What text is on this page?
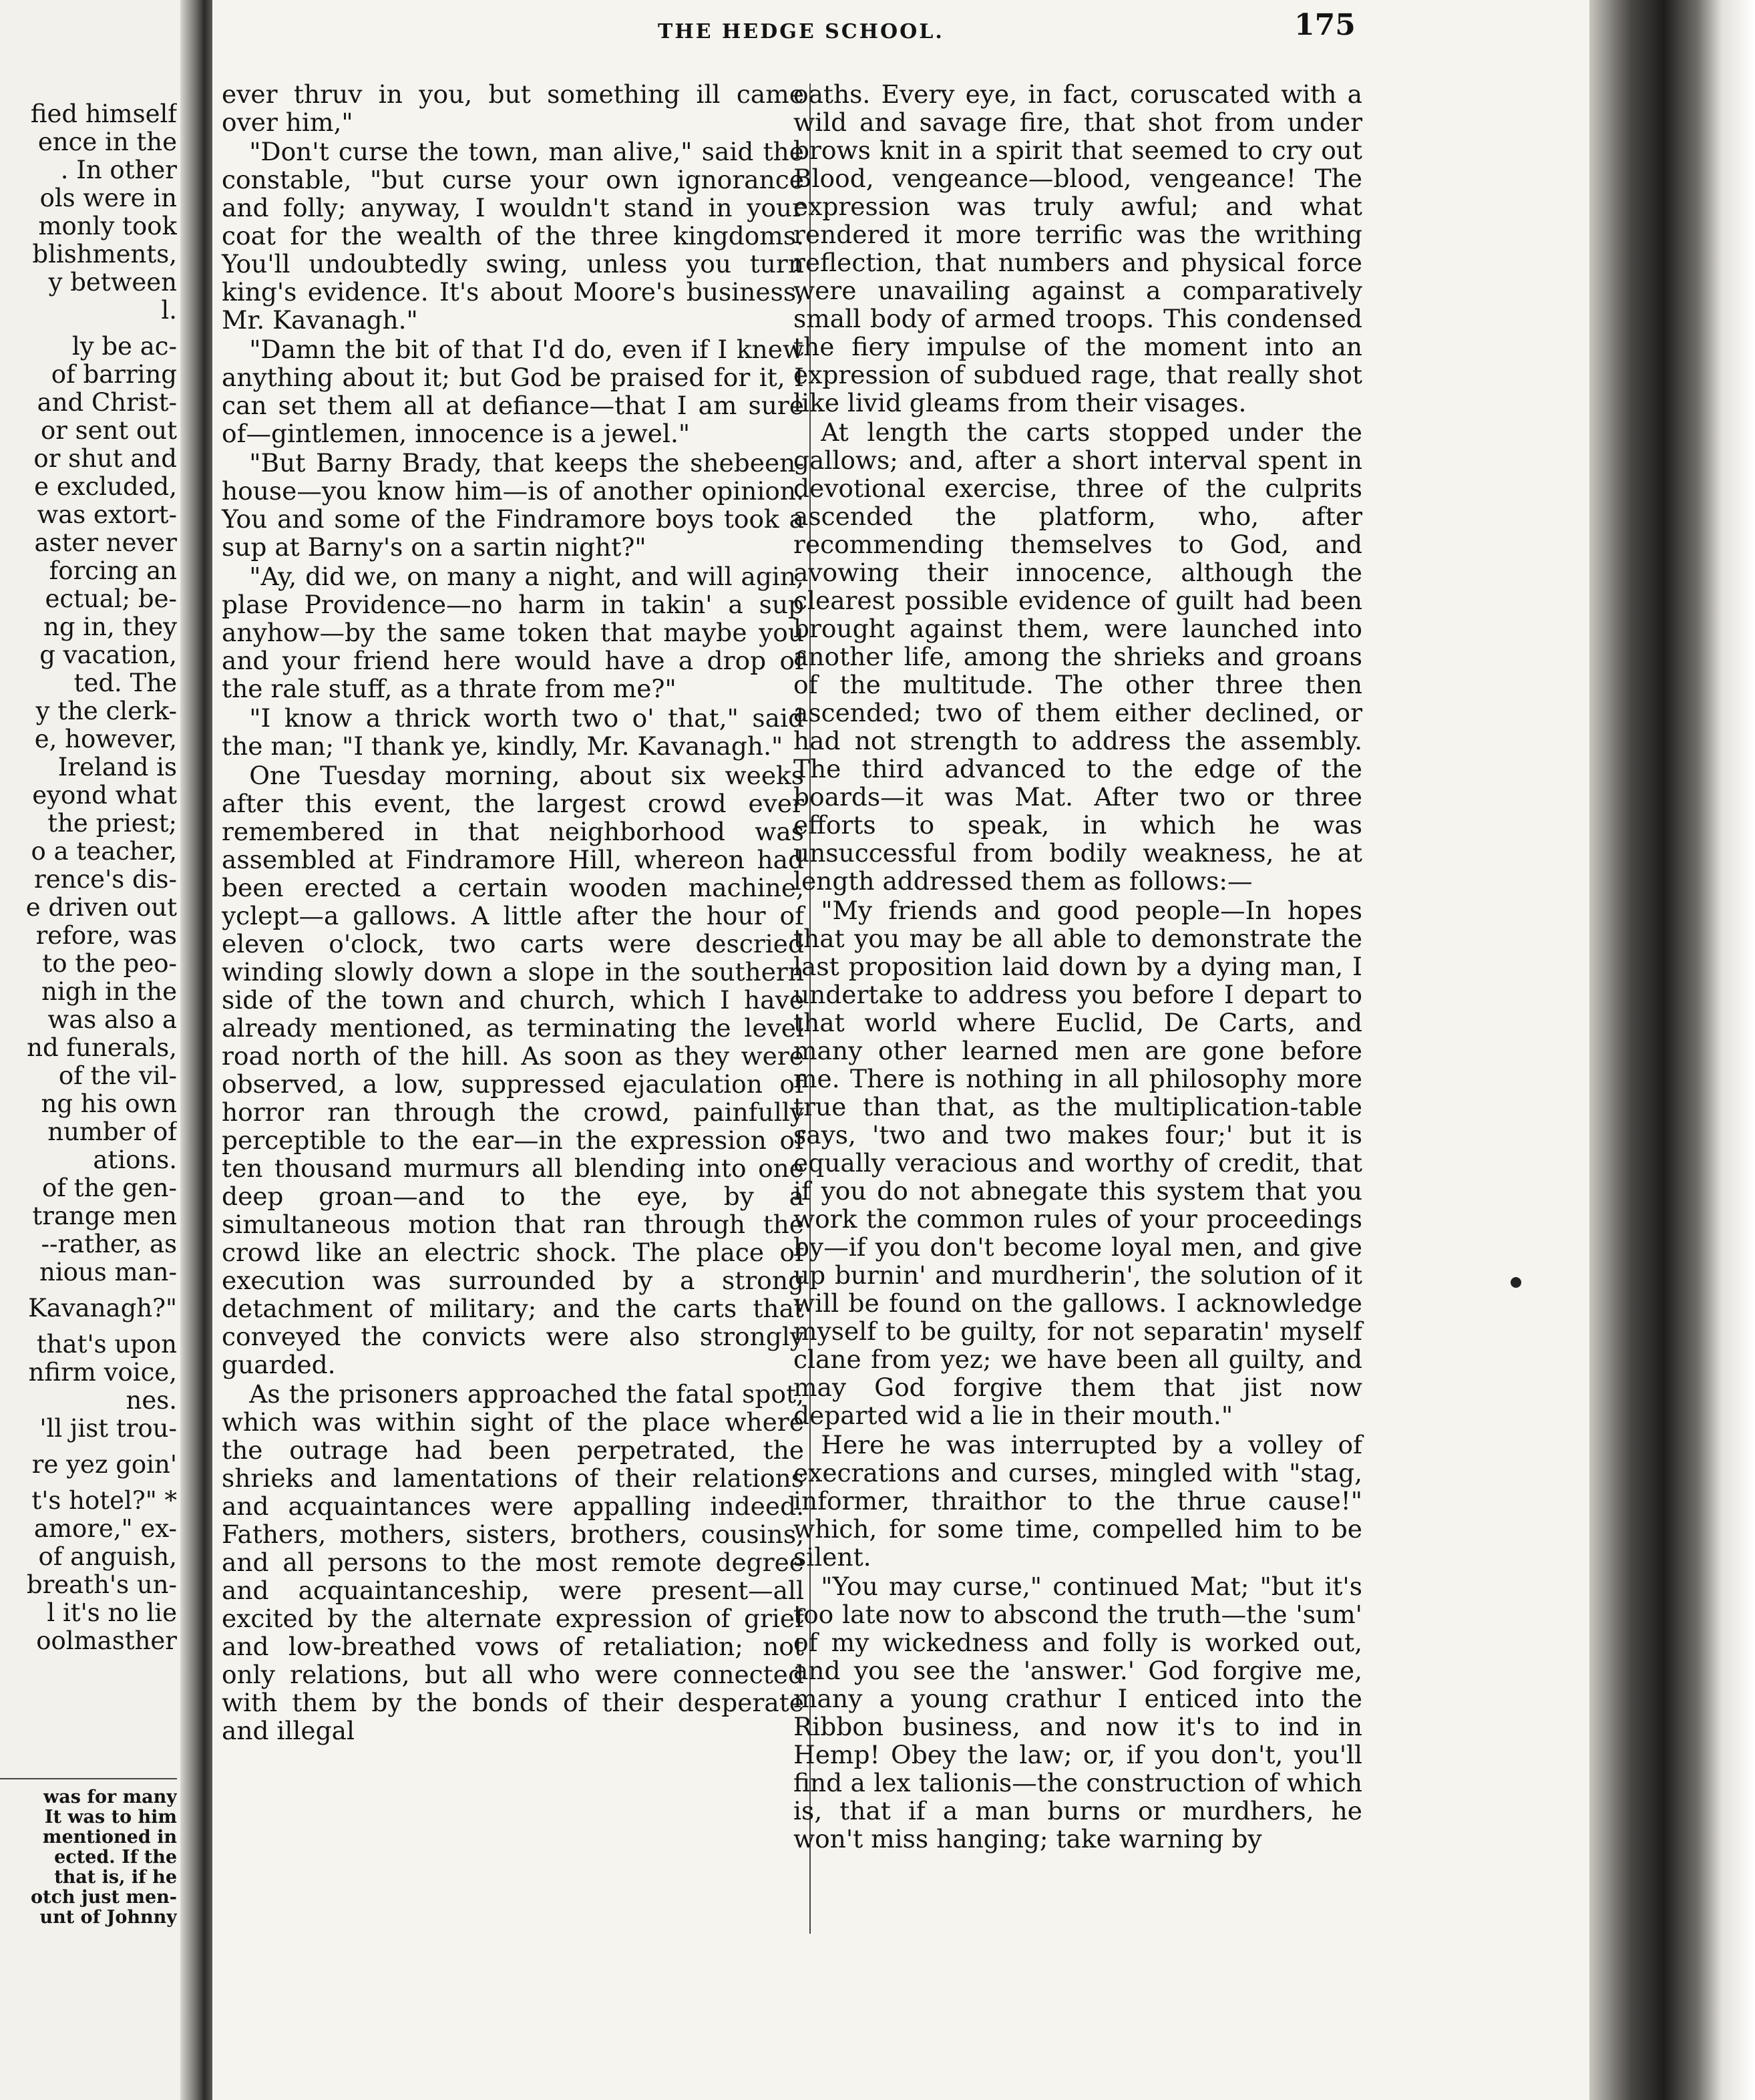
fied himself
ence in the
. In other
ols were in
monly took
blishments,
y between
l.
ly be ac-
of barring
and Christ-
or sent out
or shut and
e excluded,
was extort-
aster never
forcing an
ectual; be-
ng in, they
g vacation,
ted. The
y the clerk-
e, however,
Ireland is
eyond what
the priest;
o a teacher,
rence's dis-
e driven out
refore, was
to the peo-
nigh in the
was also a
nd funerals,
of the vil-
ng his own
number of
ations.
of the gen-
trange men
--rather, as
nious man-
Kavanagh?"
that's upon
nfirm voice,
nes.
'll jist trou-
re yez goin'
t's hotel?" *
amore," ex-
of anguish,
breath's un-
l it's no lie
oolmasther
was for many
It was to him
mentioned in
ected. If the
that is, if he
otch just men-
unt of Johnny
THE HEDGE SCHOOL.	175

ever thruv in you, but something ill came over him,"

"Don't curse the town, man alive," said the constable, "but curse your own ignorance and folly; anyway, I wouldn't stand in your coat for the wealth of the three kingdoms. You'll undoubtedly swing, unless you turn king's evidence. It's about Moore's business, Mr. Kavanagh."

"Damn the bit of that I'd do, even if I knew anything about it; but God be praised for it, I can set them all at defiance—that I am sure of—gintlemen, innocence is a jewel."

"But Barny Brady, that keeps the shebeen-house—you know him—is of another opinion. You and some of the Findramore boys took a sup at Barny's on a sartin night?"

"Ay, did we, on many a night, and will agin, plase Providence—no harm in takin' a sup anyhow—by the same token that maybe you and your friend here would have a drop of the rale stuff, as a thrate from me?"

"I know a thrick worth two o' that," said the man; "I thank ye, kindly, Mr. Kavanagh."

One Tuesday morning, about six weeks after this event, the largest crowd ever remembered in that neighborhood was assembled at Findramore Hill, whereon had been erected a certain wooden machine, yclept—a gallows. A little after the hour of eleven o'clock, two carts were descried winding slowly down a slope in the southern side of the town and church, which I have already mentioned, as terminating the level road north of the hill. As soon as they were observed, a low, suppressed ejaculation of horror ran through the crowd, painfully perceptible to the ear—in the expression of ten thousand murmurs all blending into one deep groan—and to the eye, by a simultaneous motion that ran through the crowd like an electric shock. The place of execution was surrounded by a strong detachment of military; and the carts that conveyed the convicts were also strongly guarded.

As the prisoners approached the fatal spot, which was within sight of the place where the outrage had been perpetrated, the shrieks and lamentations of their relations and acquaintances were appalling indeed. Fathers, mothers, sisters, brothers, cousins, and all persons to the most remote degree and acquaintanceship, were present—all excited by the alternate expression of grief and low-breathed vows of retaliation; not only relations, but all who were connected with them by the bonds of their desperate and illegal

oaths. Every eye, in fact, coruscated with a wild and savage fire, that shot from under brows knit in a spirit that seemed to cry out Blood, vengeance—blood, vengeance! The expression was truly awful; and what rendered it more terrific was the writhing reflection, that numbers and physical force were unavailing against a comparatively small body of armed troops. This condensed the fiery impulse of the moment into an expression of subdued rage, that really shot like livid gleams from their visages.

At length the carts stopped under the gallows; and, after a short interval spent in devotional exercise, three of the culprits ascended the platform, who, after recommending themselves to God, and avowing their innocence, although the clearest possible evidence of guilt had been brought against them, were launched into another life, among the shrieks and groans of the multitude. The other three then ascended; two of them either declined, or had not strength to address the assembly. The third advanced to the edge of the boards—it was Mat. After two or three efforts to speak, in which he was unsuccessful from bodily weakness, he at length addressed them as follows:—

"My friends and good people—In hopes that you may be all able to demonstrate the last proposition laid down by a dying man, I undertake to address you before I depart to that world where Euclid, De Carts, and many other learned men are gone before me. There is nothing in all philosophy more true than that, as the multiplication-table says, 'two and two makes four;' but it is equally veracious and worthy of credit, that if you do not abnegate this system that you work the common rules of your proceedings by—if you don't become loyal men, and give up burnin' and murdherin', the solution of it will be found on the gallows. I acknowledge myself to be guilty, for not separatin' myself clane from yez; we have been all guilty, and may God forgive them that jist now departed wid a lie in their mouth."

Here he was interrupted by a volley of execrations and curses, mingled with "stag, informer, thraithor to the thrue cause!" which, for some time, compelled him to be silent.

"You may curse," continued Mat; "but it's too late now to abscond the truth—the 'sum' of my wickedness and folly is worked out, and you see the 'answer.' God forgive me, many a young crathur I enticed into the Ribbon business, and now it's to ind in Hemp! Obey the law; or, if you don't, you'll find a lex talionis—the construction of which is, that if a man burns or murdhers, he won't miss hanging; take warning by
